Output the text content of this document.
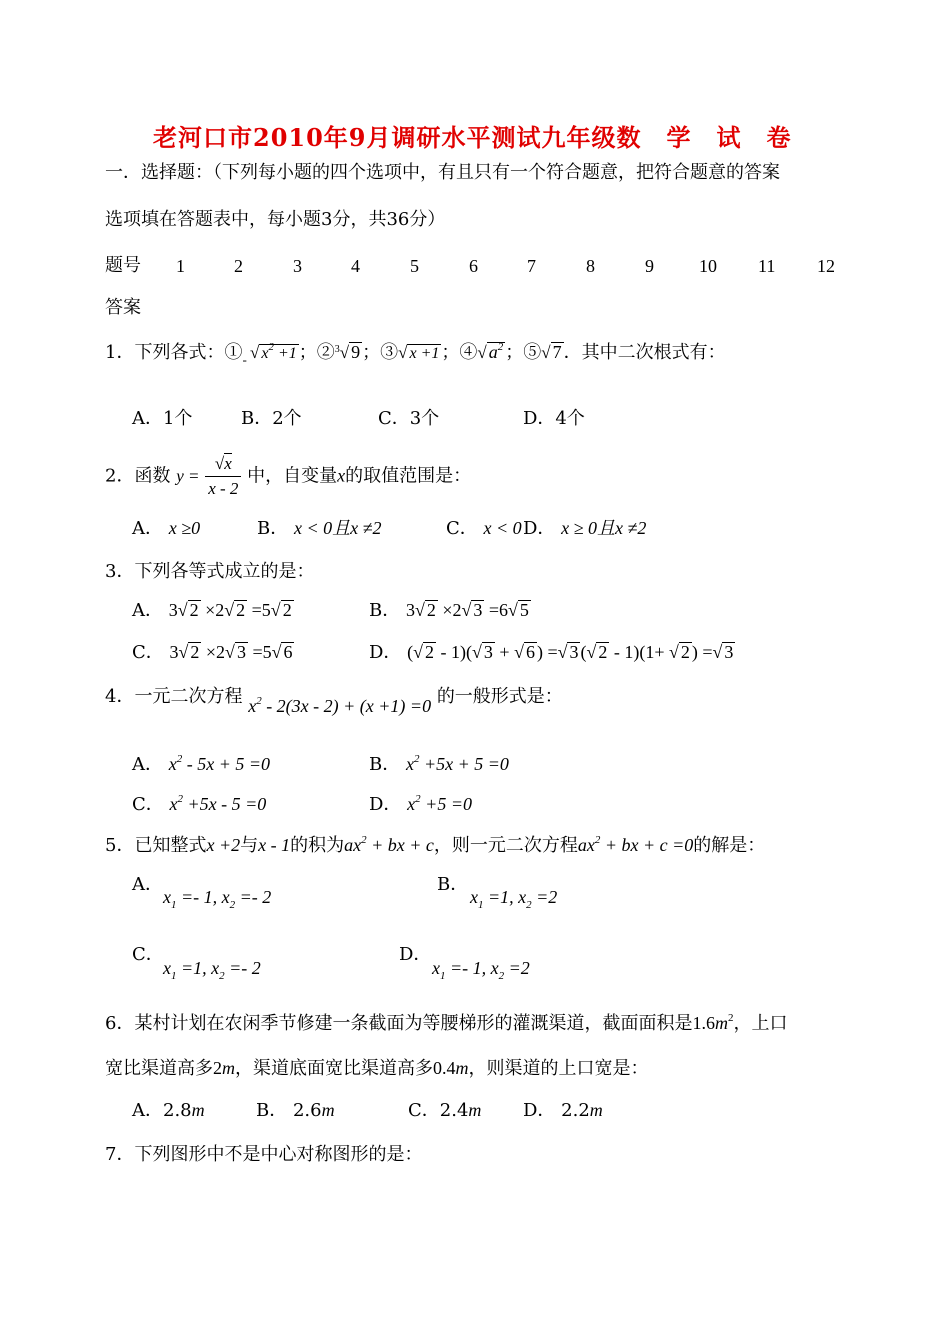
老河口市2010年9月调研水平测试九年级数　学　试　卷
一．选择题：（下列每小题的四个选项中，有且只有一个符合题意，把符合题意的答案
选项填在答题表中，每小题3分，共36分）
题号 1	2	3	4	5	6	7	8	9	10 11 12
答案
1．下列各式：$①_-$ √ $x^2 +1$ ；②$^3$√ 9 ；③√ x +1 ；④√ $a^2$ ；⑤√ 7 ．其中二次根式有：
A．1个	B．2个	C．3个	D．4个
2．函数 $y = \frac{√x}{x - 2}$ 中，自变量x的取值范围是：
A． x ≥0	B． x < 0且x ≠2	C． x < 0 D． x ≥ 0且x ≠2
3．下列各等式成立的是：
A． 3√ 2 ×2√ 2 =5√ 2	B． 3√ 2 ×2√ 3 =6√ 5
C． 3√ 2 ×2√ 3 =5√ 6	D． (√ 2 - 1)(√ 3 + √ 6 ) =√ 3 (√ 2 - 1)(1+ √ 2 ) =√ 3
4．一元二次方程 $x^2 - 2(3x - 2) + (x +1) =0$ 的一般形式是：
A． $x^2 - 5x + 5 =0$	B． $x^2 +5x + 5 =0$
C． $x^2 +5x - 5 =0$	D． $x^2 +5 =0$
5．已知整式x +2与x - 1的积为$ax^2$ + bx + c，则一元二次方程$ax^2$ + bx + c =0的解是：
A．
$x_1 =- 1$, $x_2 =- 2$
B．
$x_1 =1$, $x_2 =2$
C．
$x_1 =1$, $x_2 =- 2$
D．
$x_1 =- 1$, $x_2 =2$
6．某村计划在农闲季节修建一条截面为等腰梯形的灌溉渠道，截面面积是$1.6m^2$，上口
宽比渠道高多2m，渠道底面宽比渠道高多0.4m，则渠道的上口宽是：
A．2.8m	B． 2.6m	C．2.4m D． 2.2m
7．下列图形中不是中心对称图形的是：
